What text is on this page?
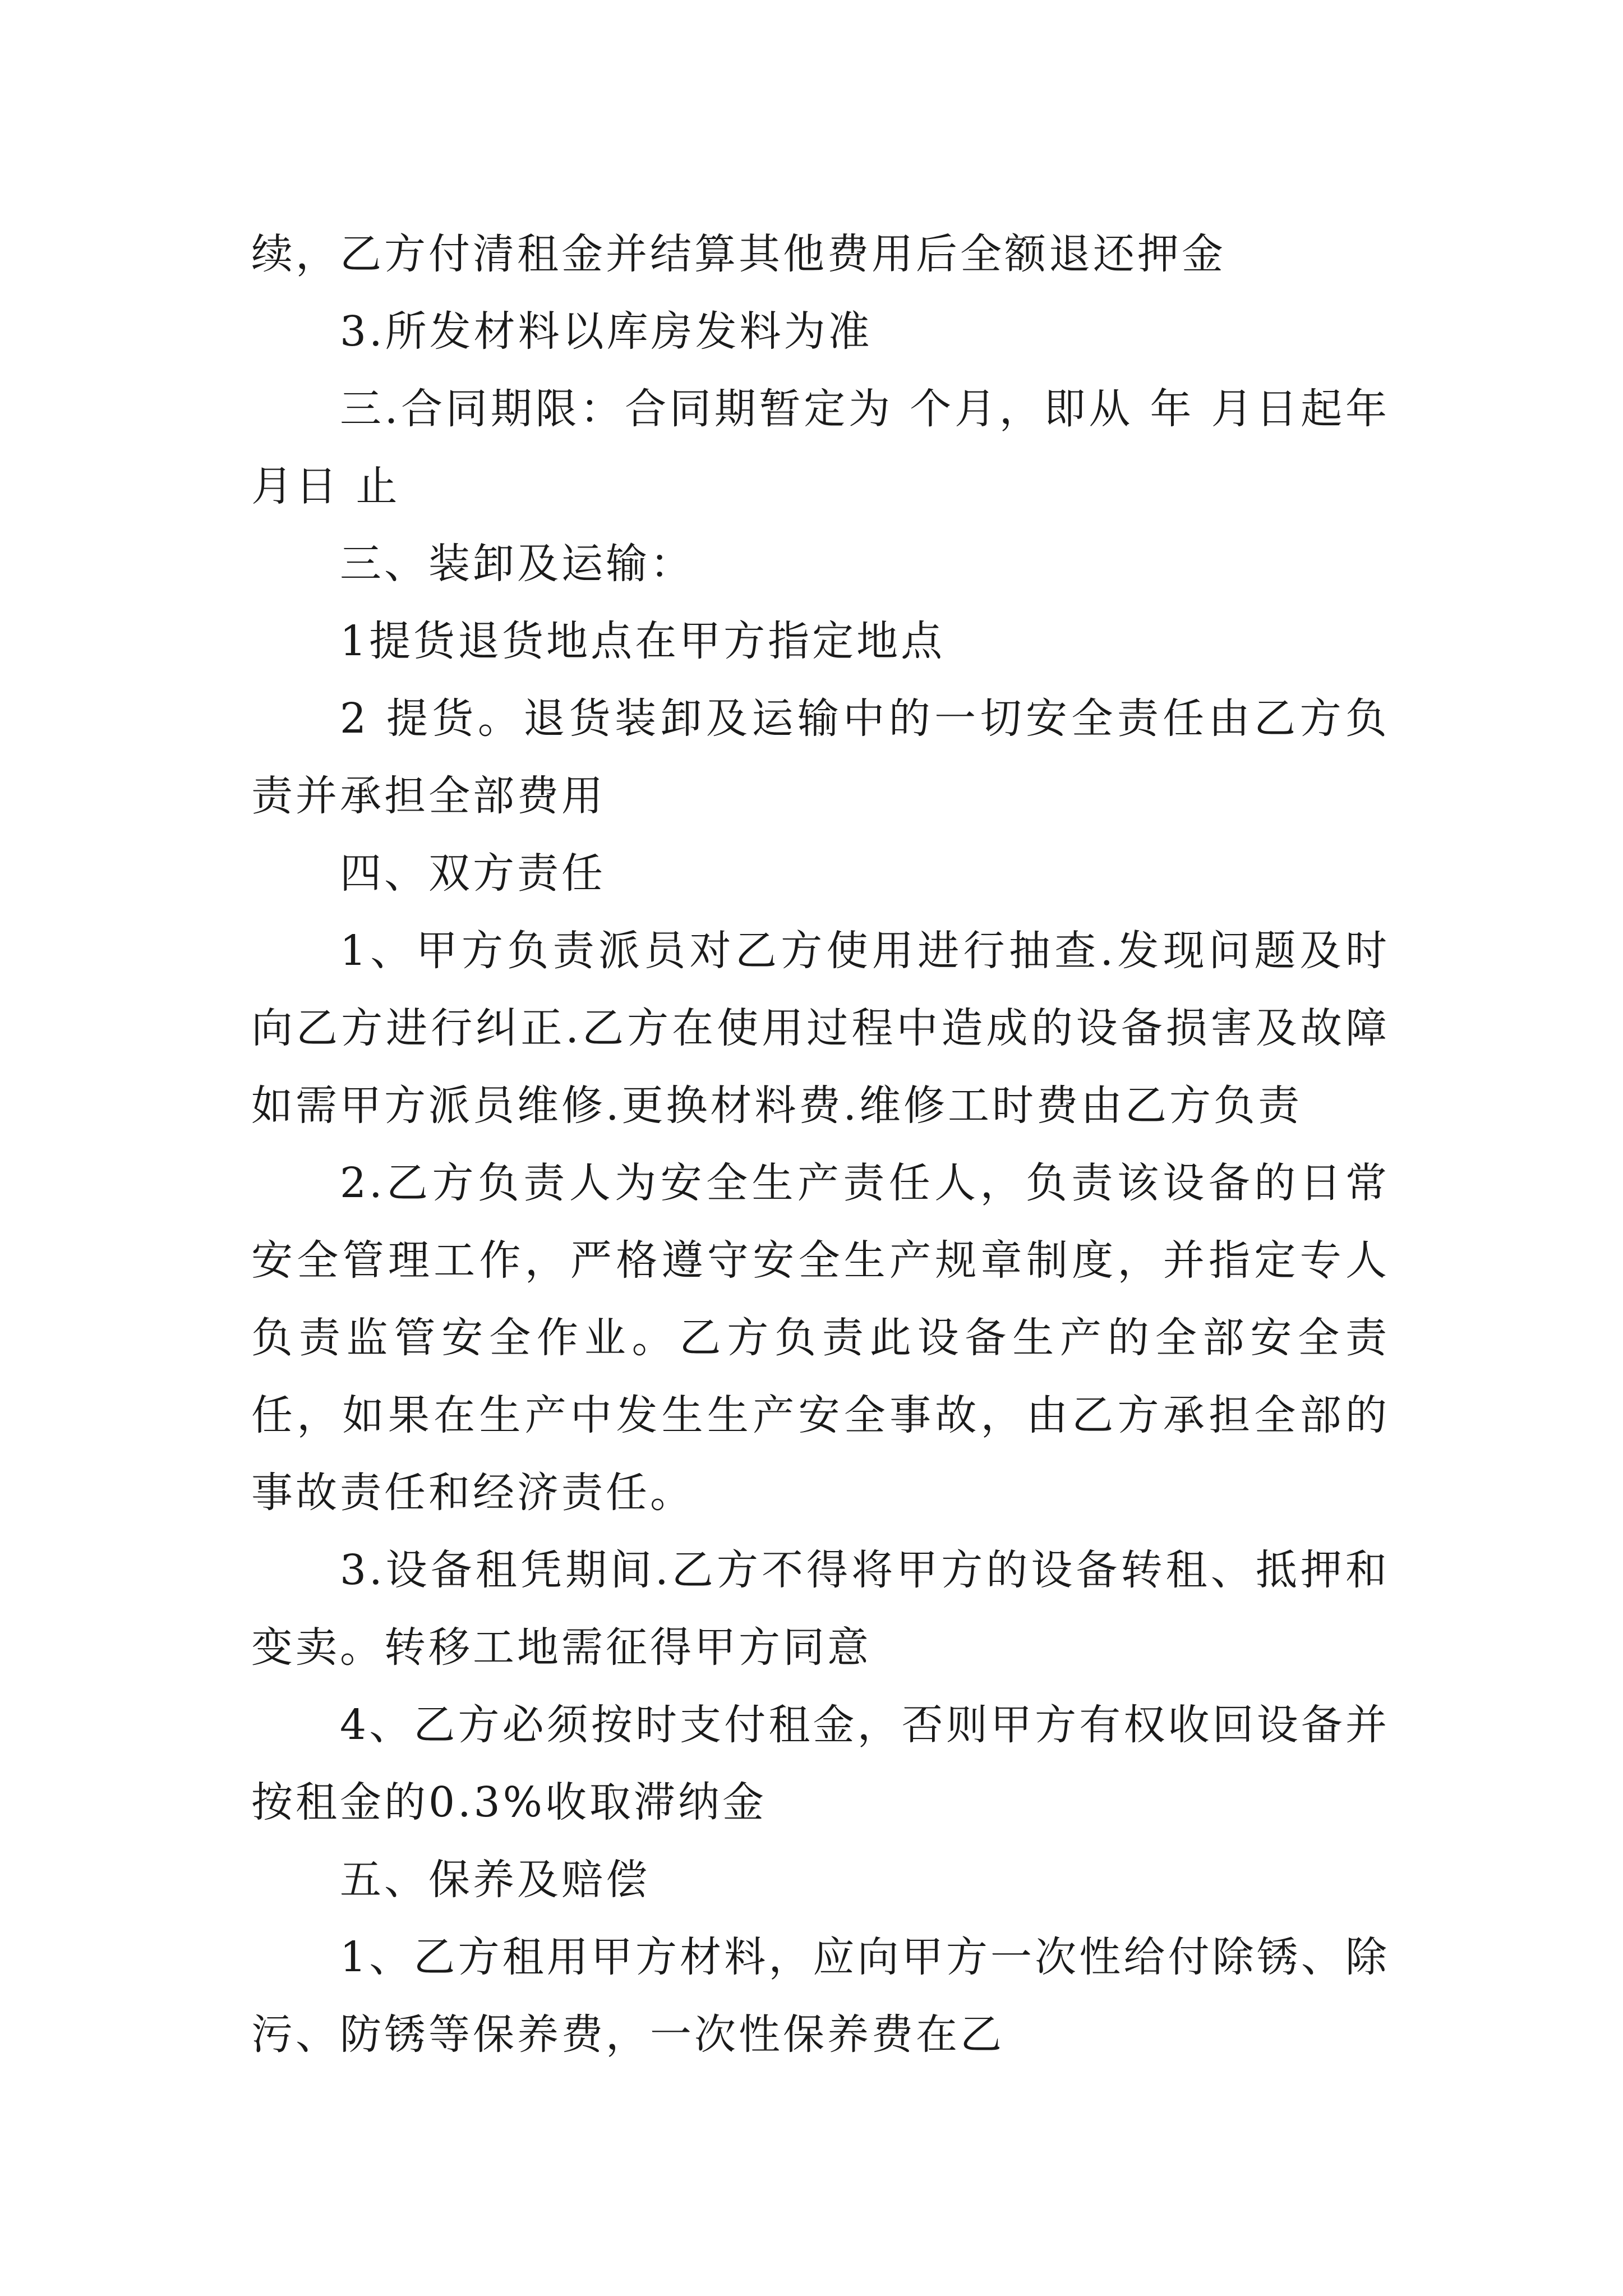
续，乙方付清租金并结算其他费用后全额退还押金

3.所发材料以库房发料为准

三.合同期限：合同期暂定为 个月，即从 年 月日起年月日 止

三、装卸及运输：

1提货退货地点在甲方指定地点

2 提货。退货装卸及运输中的一切安全责任由乙方负责并承担全部费用

四、双方责任

1、甲方负责派员对乙方使用进行抽查.发现问题及时向乙方进行纠正.乙方在使用过程中造成的设备损害及故障如需甲方派员维修.更换材料费.维修工时费由乙方负责

2.乙方负责人为安全生产责任人，负责该设备的日常安全管理工作，严格遵守安全生产规章制度，并指定专人负责监管安全作业。乙方负责此设备生产的全部安全责任，如果在生产中发生生产安全事故，由乙方承担全部的事故责任和经济责任。

3.设备租凭期间.乙方不得将甲方的设备转租、抵押和变卖。转移工地需征得甲方同意

4、乙方必须按时支付租金，否则甲方有权收回设备并按租金的0.3%收取滞纳金

五、保养及赔偿

1、乙方租用甲方材料，应向甲方一次性给付除锈、除污、防锈等保养费，一次性保养费在乙
